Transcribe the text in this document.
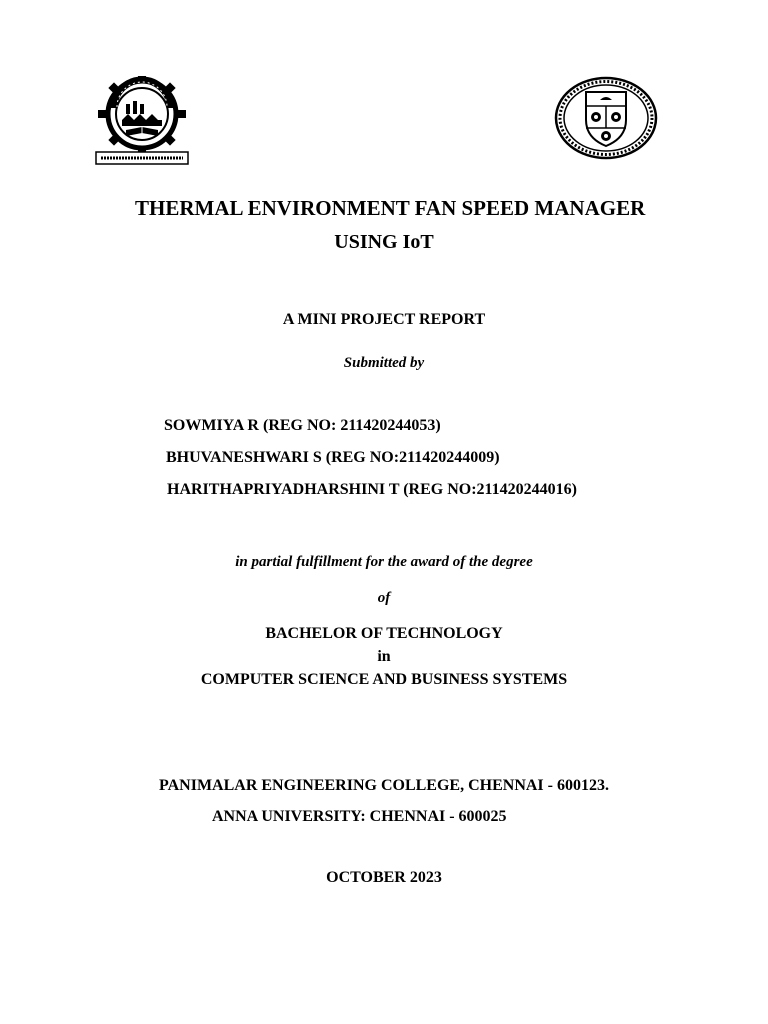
THERMAL ENVIRONMENT FAN SPEED MANAGER
USING IoT
A MINI PROJECT REPORT
Submitted by
SOWMIYA R (REG NO: 211420244053)
BHUVANESHWARI S (REG NO:211420244009)
HARITHAPRIYADHARSHINI T (REG NO:211420244016)
in partial fulfillment for the award of the degree
of
BACHELOR OF TECHNOLOGY
in
COMPUTER SCIENCE AND BUSINESS SYSTEMS
PANIMALAR ENGINEERING COLLEGE, CHENNAI - 600123.
ANNA UNIVERSITY: CHENNAI - 600025
OCTOBER 2023
